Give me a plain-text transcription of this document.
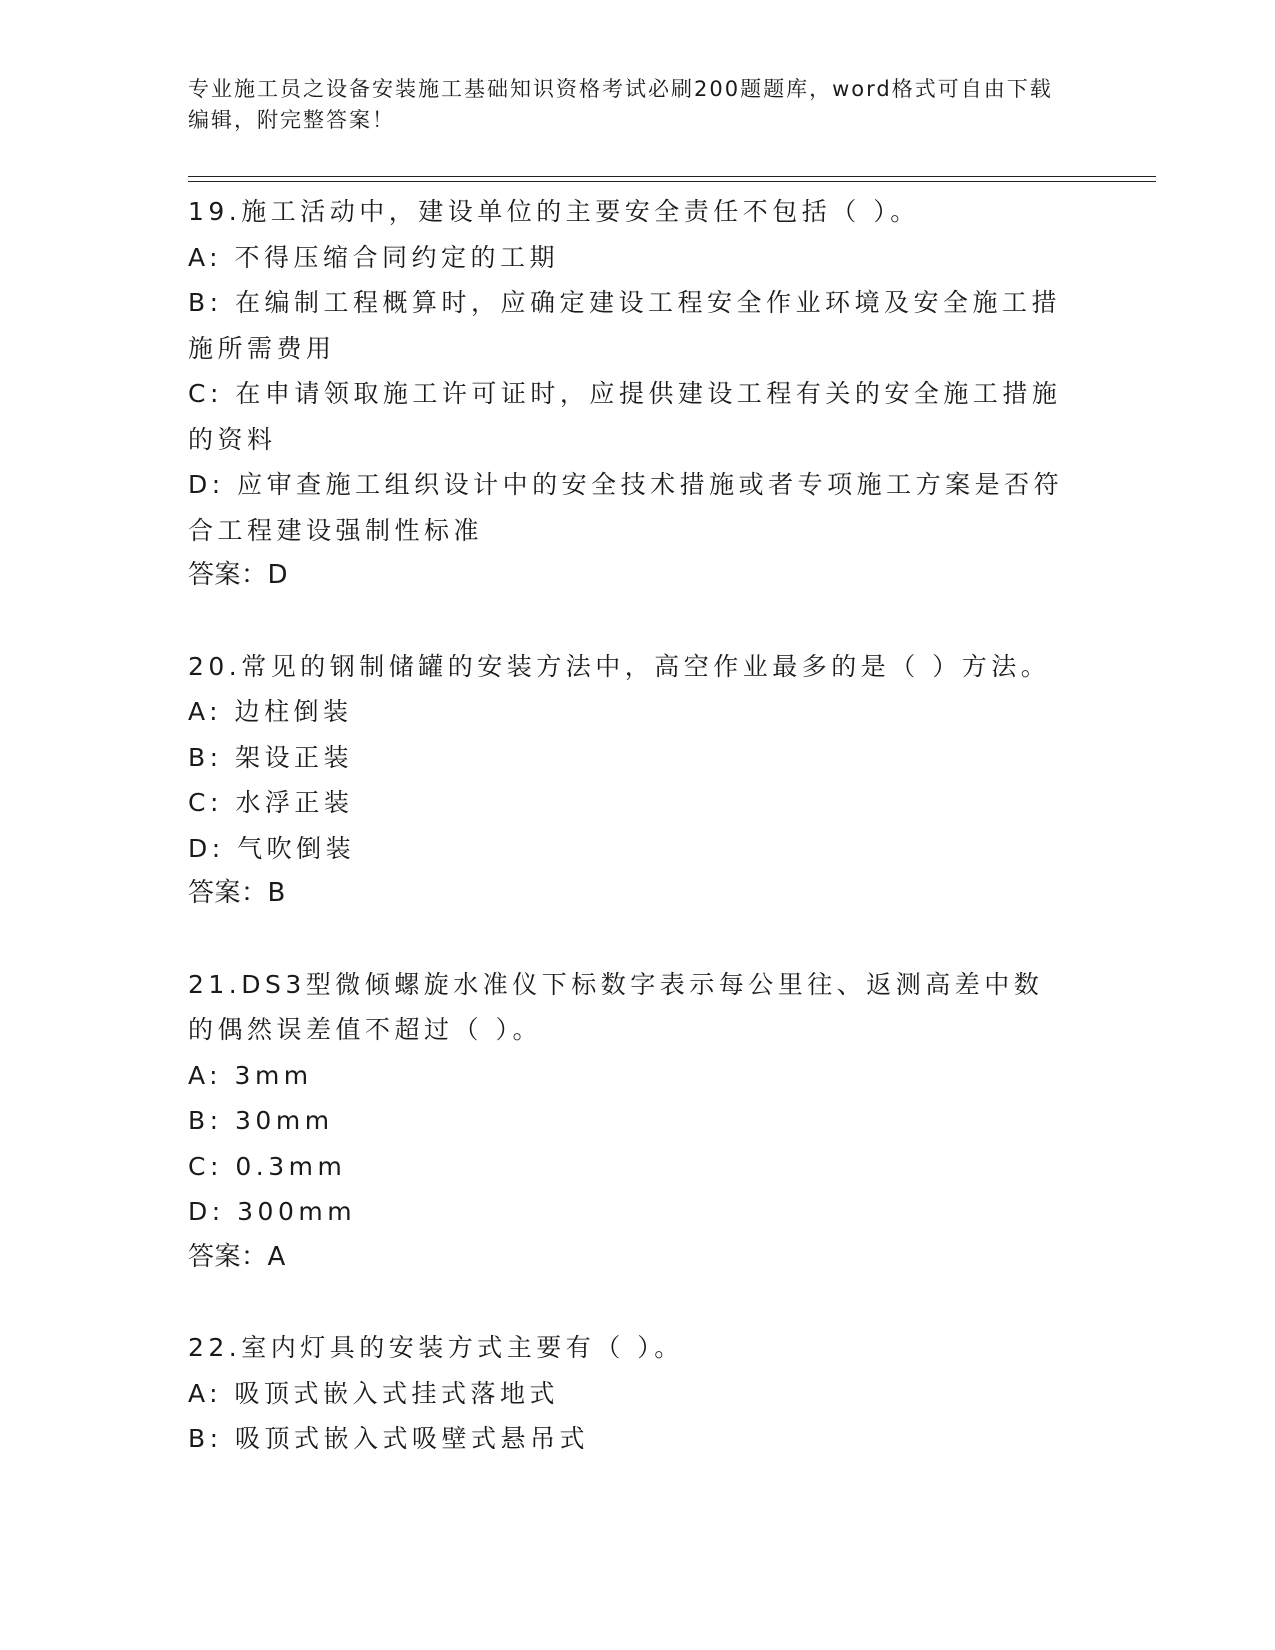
专业施工员之设备安装施工基础知识资格考试必刷200题题库，word格式可自由下载编辑，附完整答案！

19.施工活动中，建设单位的主要安全责任不包括（ ）。

A: 不得压缩合同约定的工期

B: 在编制工程概算时，应确定建设工程安全作业环境及安全施工措施所需费用

C: 在申请领取施工许可证时，应提供建设工程有关的安全施工措施的资料

D: 应审查施工组织设计中的安全技术措施或者专项施工方案是否符合工程建设强制性标准

答案：D

20.常见的钢制储罐的安装方法中，高空作业最多的是（ ）方法。

A: 边柱倒装

B: 架设正装

C: 水浮正装

D: 气吹倒装

答案：B

21.DS3型微倾螺旋水准仪下标数字表示每公里往、返测高差中数的偶然误差值不超过（ ）。

A: 3mm

B: 30mm

C: 0.3mm

D: 300mm

答案：A

22.室内灯具的安装方式主要有（ ）。

A: 吸顶式嵌入式挂式落地式

B: 吸顶式嵌入式吸壁式悬吊式
